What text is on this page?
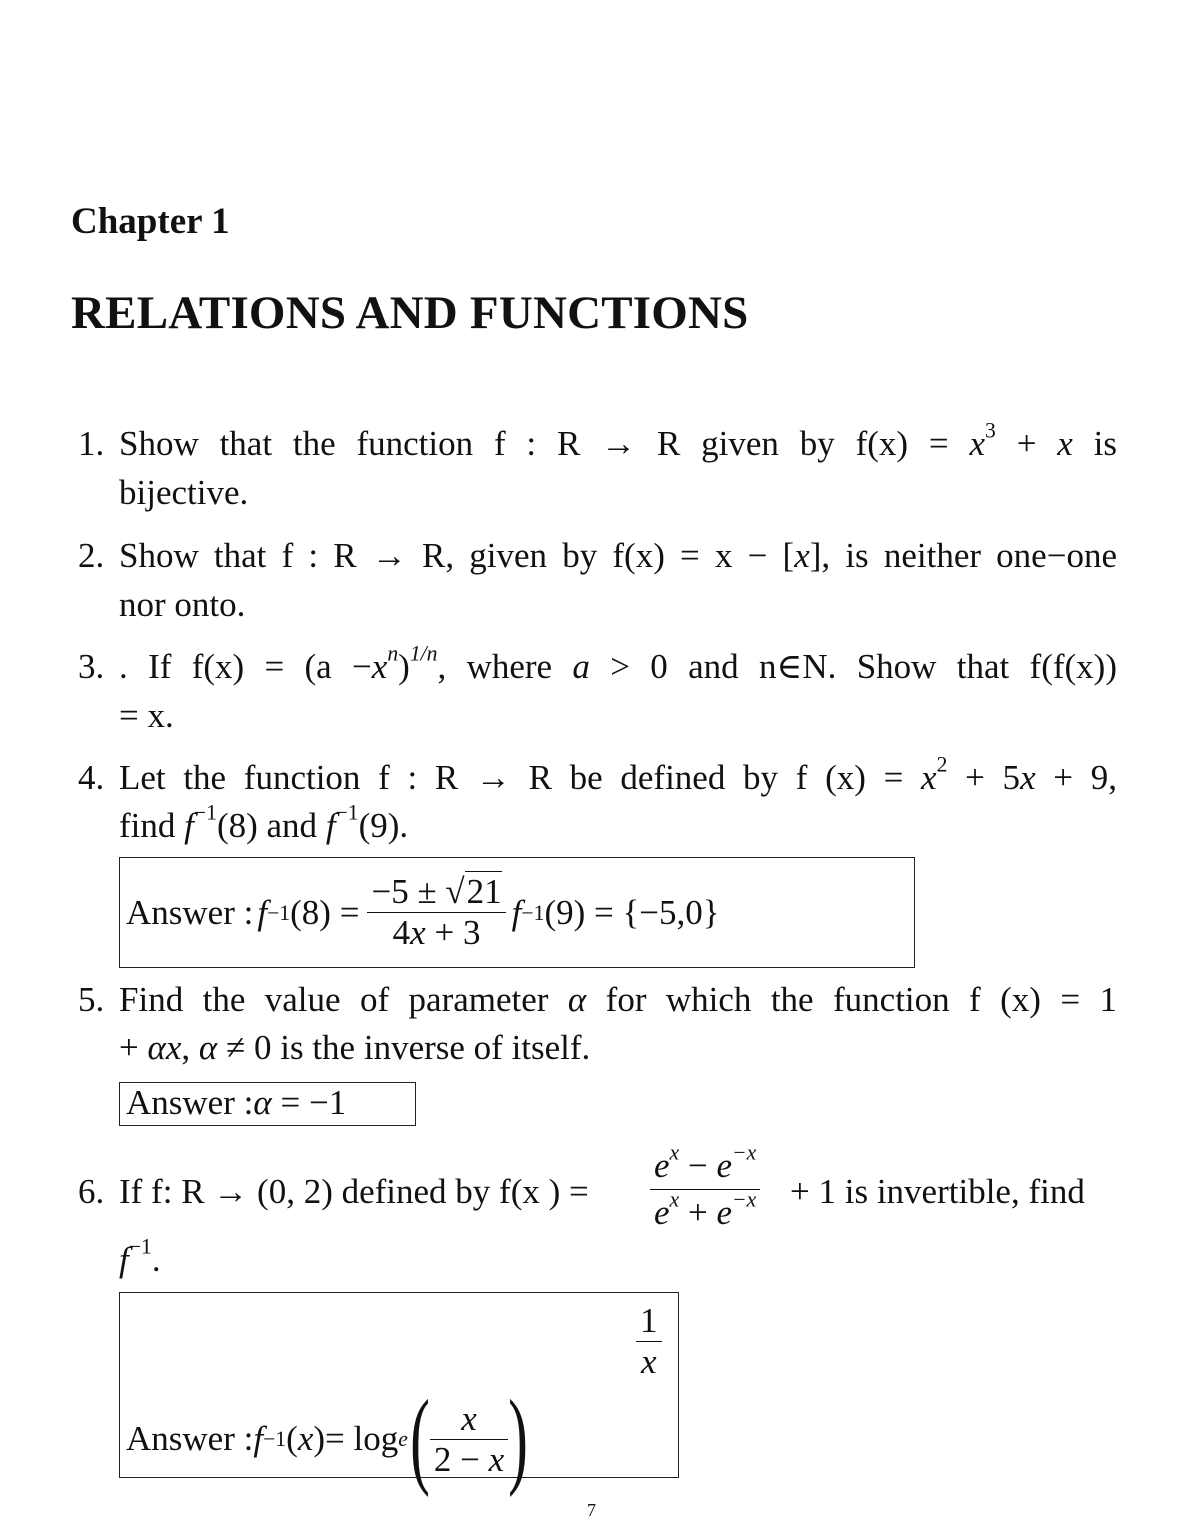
Chapter 1
RELATIONS AND FUNCTIONS
1. Show that the function f : R → R given by $f(x) = x^3 + x$ is
bijective.
2. Show that f : R → R, given by f(x) = x − [x], is neither one−one
nor onto.
3. . If $f(x) = (a -x^n)^{1/n}$, where a > 0 and n∈N. Show that f(f(x))
= x.
4. Let the function f : R → R be defined by f $(x) = x^2 + 5x + 9$,
find $f^{-1}(8)$ and $f^{-1}(9)$.
Answer : f −1 $(8) = \frac{-5 \pm √21}{4x + 3}$ f −1 (9) = {−5,0}
5. Find the value of parameter α for which the function f (x) = 1
+ αx, α ≠ 0 is the inverse of itself.
Answer :α = −1
6. If f: R → (0, 2) defined by f(x ) = $\frac{e^x - e^{-x}}{e^x + e^{-x}} + 1$ is invertible, find
$f^{-1}$.
Answer : f −1 ( x ) = log e ( $\frac{x}{2 - x}$ )
$\frac{1}{x}$
7
